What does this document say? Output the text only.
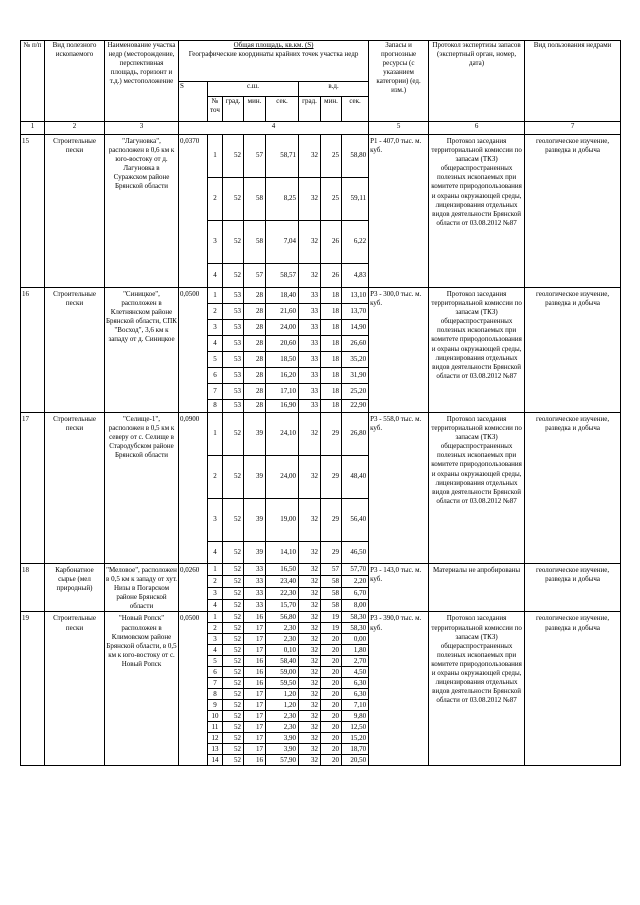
№ п/п	Вид полезного ископаемого	Наименование участка недр (месторождение, перспективная площадь, горизонт и т.д.) местоположение	Общая площадь, кв.км. (S)
Географические координаты крайних точек участка недр								Запасы и прогнозные ресурсы (с указанием категории) (ед. изм.)	Протокол экспертизы запасов (экспертный орган, номер, дата)	Вид пользования недрами
			S	с.ш.				в.д.					
				№ точ	град.	мин.	сек.	град.	мин.	сек.			
1	2	3	4								5	6	7
15	Строительные пески	"Лагуновка", расположен в 0,6 км к юго-востоку от д. Лагуновка в Суражском районе Брянской области	0,0370	1	52	57	58,71	32	25	58,80	Р1 - 407,0 тыс. м. куб.	Протокол заседания территориальной комиссии по запасам (ТКЗ) общераспространенных полезных ископаемых при комитете природопользования и охраны окружающей среды, лицензирования отдельных видов деятельности Брянской области от 03.08.2012 №87	геологическое изучение, разведка и добыча
				2	52	58	8,25	32	25	59,11			
				3	52	58	7,04	32	26	6,22			
				4	52	57	58,57	32	26	4,83			
16	Строительные пески	"Синицкое", расположен в Клетнянском районе Брянской области, СПК "Восход", 3,6 км к западу от д. Синицкое	0,0500	1	53	28	18,40	33	18	13,10	Р3 - 300,0 тыс. м. куб.	Протокол заседания территориальной комиссии по запасам (ТКЗ) общераспространенных полезных ископаемых при комитете природопользования и охраны окружающей среды, лицензирования отдельных видов деятельности Брянской области от 03.08.2012 №87	геологическое изучение, разведка и добыча
				2	53	28	21,60	33	18	13,70			
				3	53	28	24,00	33	18	14,90			
				4	53	28	20,60	33	18	26,60			
				5	53	28	18,50	33	18	35,20			
				6	53	28	16,20	33	18	31,90			
				7	53	28	17,10	33	18	25,20			
				8	53	28	16,90	33	18	22,90			
17	Строительные пески	"Селище-1", расположен в 0,5 км к северу от с. Селище в Стародубском районе Брянской области	0,0900	1	52	39	24,10	32	29	26,80	Р3 - 558,0 тыс. м. куб.	Протокол заседания территориальной комиссии по запасам (ТКЗ) общераспространенных полезных ископаемых при комитете природопользования и охраны окружающей среды, лицензирования отдельных видов деятельности Брянской области от 03.08.2012 №87	геологическое изучение, разведка и добыча
				2	52	39	24,00	32	29	48,40			
				3	52	39	19,00	32	29	56,40			
				4	52	39	14,10	32	29	46,50			
18	Карбонатное сырье (мел природный)	"Меловое", расположен в 0,5 км к западу от хут. Низы в Погарском районе Брянской области	0,0260	1	52	33	16,50	32	57	57,70	Р3 - 143,0 тыс. м. куб.	Материалы не апробированы	геологическое изучение, разведка и добыча
				2	52	33	23,40	32	58	2,20			
				3	52	33	22,30	32	58	6,70			
				4	52	33	15,70	32	58	8,00			
19	Строительные пески	"Новый Ропск" расположен в Климовском районе Брянской области, в 0,5 км к юго-востоку от с. Новый Ропск	0,0500	1	52	16	56,80	32	19	58,30	Р3 - 390,0 тыс. м. куб.	Протокол заседания территориальной комиссии по запасам (ТКЗ) общераспространенных полезных ископаемых при комитете природопользования и охраны окружающей среды, лицензирования отдельных видов деятельности Брянской области от 03.08.2012 №87	геологическое изучение, разведка и добыча
				2	52	17	2,30	32	19	58,30			
				3	52	17	2,30	32	20	0,00			
				4	52	17	0,10	32	20	1,80			
				5	52	16	58,40	32	20	2,70			
				6	52	16	59,00	32	20	4,50			
				7	52	16	59,50	32	20	6,30			
				8	52	17	1,20	32	20	6,30			
				9	52	17	1,20	32	20	7,10			
				10	52	17	2,30	32	20	9,80			
				11	52	17	2,30	32	20	12,50			
				12	52	17	3,90	32	20	15,20			
				13	52	17	3,90	32	20	18,70			
				14	52	16	57,90	32	20	20,50			
